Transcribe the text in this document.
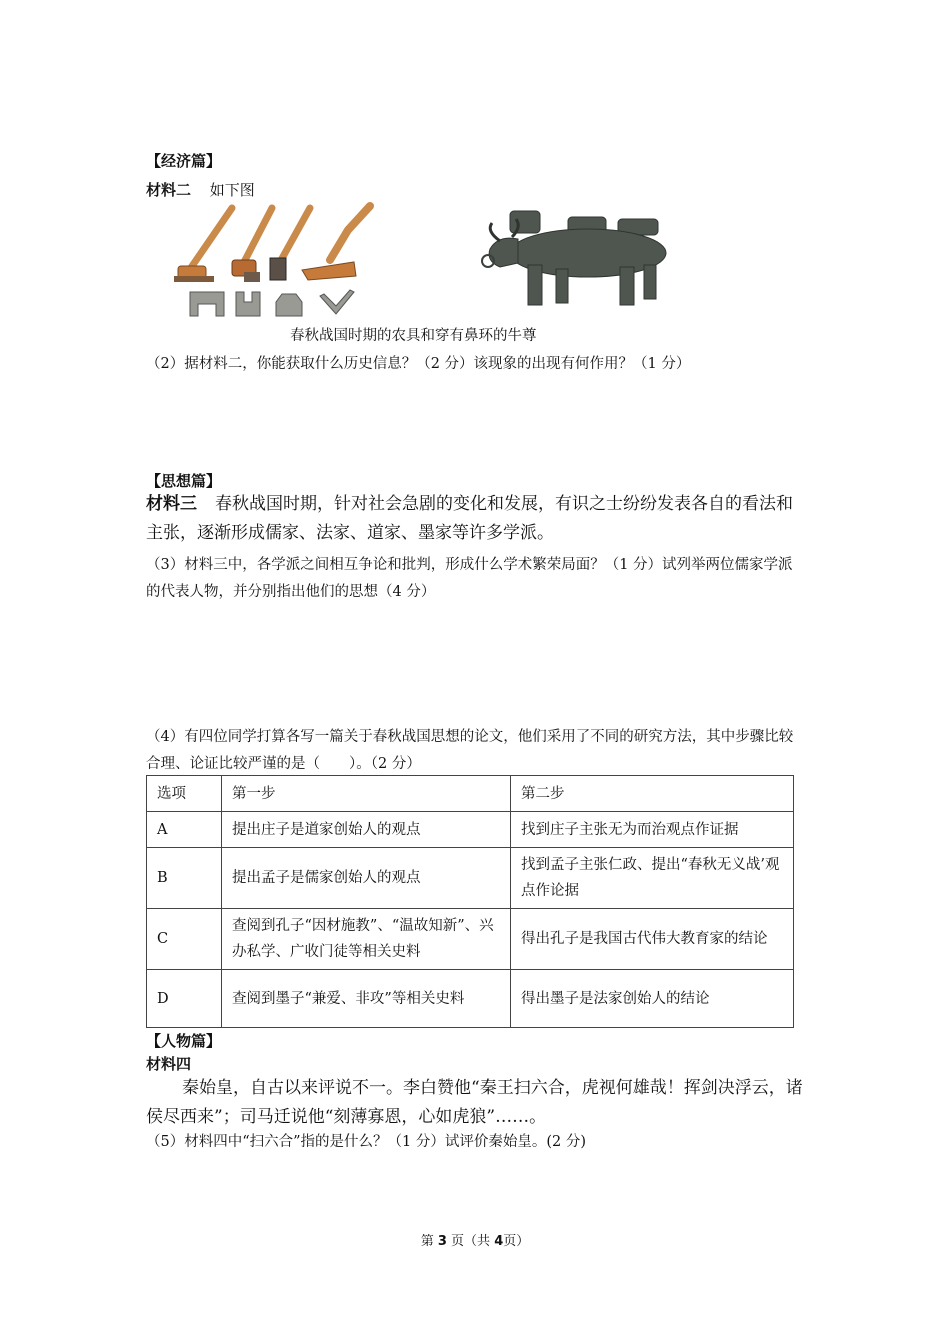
【经济篇】
材料二 如下图
春秋战国时期的农具和穿有鼻环的牛尊
（2）据材料二，你能获取什么历史信息？（2 分）该现象的出现有何作用？（1 分）
【思想篇】
材料三 春秋战国时期，针对社会急剧的变化和发展，有识之士纷纷发表各自的看法和主张，逐渐形成儒家、法家、道家、墨家等许多学派。
（3）材料三中，各学派之间相互争论和批判，形成什么学术繁荣局面？（1 分）试列举两位儒家学派的代表人物，并分别指出他们的思想（4 分）
（4）有四位同学打算各写一篇关于春秋战国思想的论文，他们采用了不同的研究方法，其中步骤比较合理、论证比较严谨的是（　　）。（2 分）
选项	第一步	第二步
A	提出庄子是道家创始人的观点	找到庄子主张无为而治观点作证据
B	提出孟子是儒家创始人的观点	找到孟子主张仁政、提出“春秋无义战’观点作论据
C	查阅到孔子“因材施教”、“温故知新”、兴办私学、广收门徒等相关史料	得出孔子是我国古代伟大教育家的结论
D	查阅到墨子“兼爱、非攻”等相关史料	得出墨子是法家创始人的结论
【人物篇】
材料四
秦始皇，自古以来评说不一。李白赞他“秦王扫六合，虎视何雄哉！挥剑决浮云，诸侯尽西来”；司马迁说他“刻薄寡恩，心如虎狼”……。
（5）材料四中“扫六合”指的是什么？（1 分）试评价秦始皇。(2 分)
第 3 页（共 4页）
